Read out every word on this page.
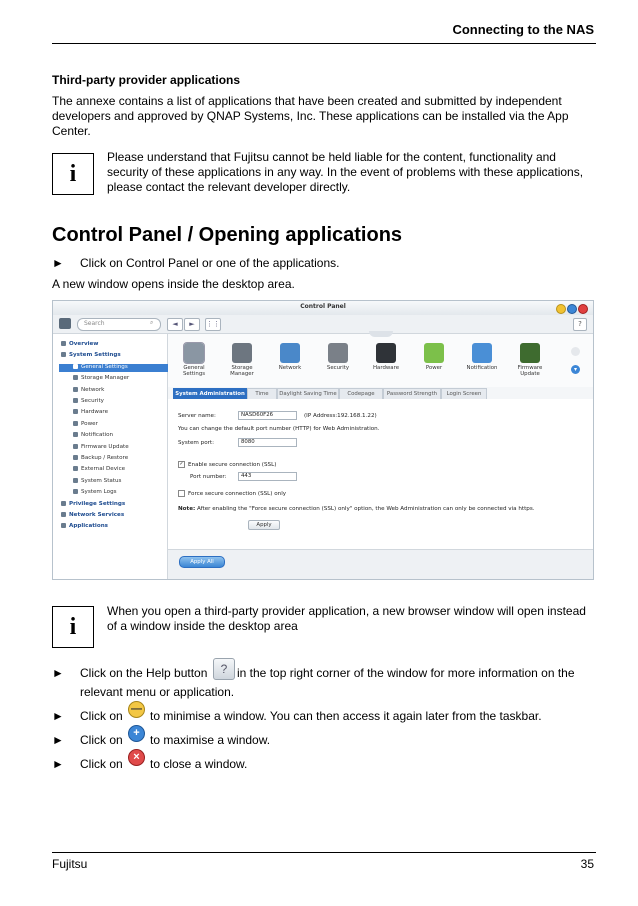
Connecting to the NAS
Third-party provider applications
The annexe contains a list of applications that have been created and submitted by independent developers and approved by QNAP Systems, Inc. These applications can be installed via the App Center.
i
Please understand that Fujitsu cannot be held liable for the content, functionality and security of these applications in any way. In the event of problems with these applications, please contact the relevant developer directly.
Control Panel / Opening applications
► Click on Control Panel or one of the applications.
A new window opens inside the desktop area.
Control Panel
Search	⌕	◄	►	⋮⋮	?
Overview
System Settings
General Settings
Storage Manager
Network
Security
Hardware
Power
Notification
Firmware Update
Backup / Restore
External Device
System Status
System Logs
Privilege Settings
Network Services
Applications
General Settings
Storage Manager
Network	Security	Hardware	Power	Notification	Firmware Update
▾
System Administration	Time	Daylight Saving Time	Codepage	Password Strength	Login Screen
Server name:	NASD60F26	(IP Address:192.168.1.22)
You can change the default port number (HTTP) for Web Administration.
System port:	8080
✓ Enable secure connection (SSL)
Port number:	443
Force secure connection (SSL) only
Note: After enabling the "Force secure connection (SSL) only" option, the Web Administration can only be connected via https.
Apply
Apply All
i
When you open a third-party provider application, a new browser window will open instead of a window inside the desktop area
► Click on the Help button	? in the top right corner of the window for more information on the
relevant menu or application.
► Click on — to minimise a window. You can then access it again later from the taskbar.
► Click on + to maximise a window.
► Click on × to close a window.
Fujitsu	35
